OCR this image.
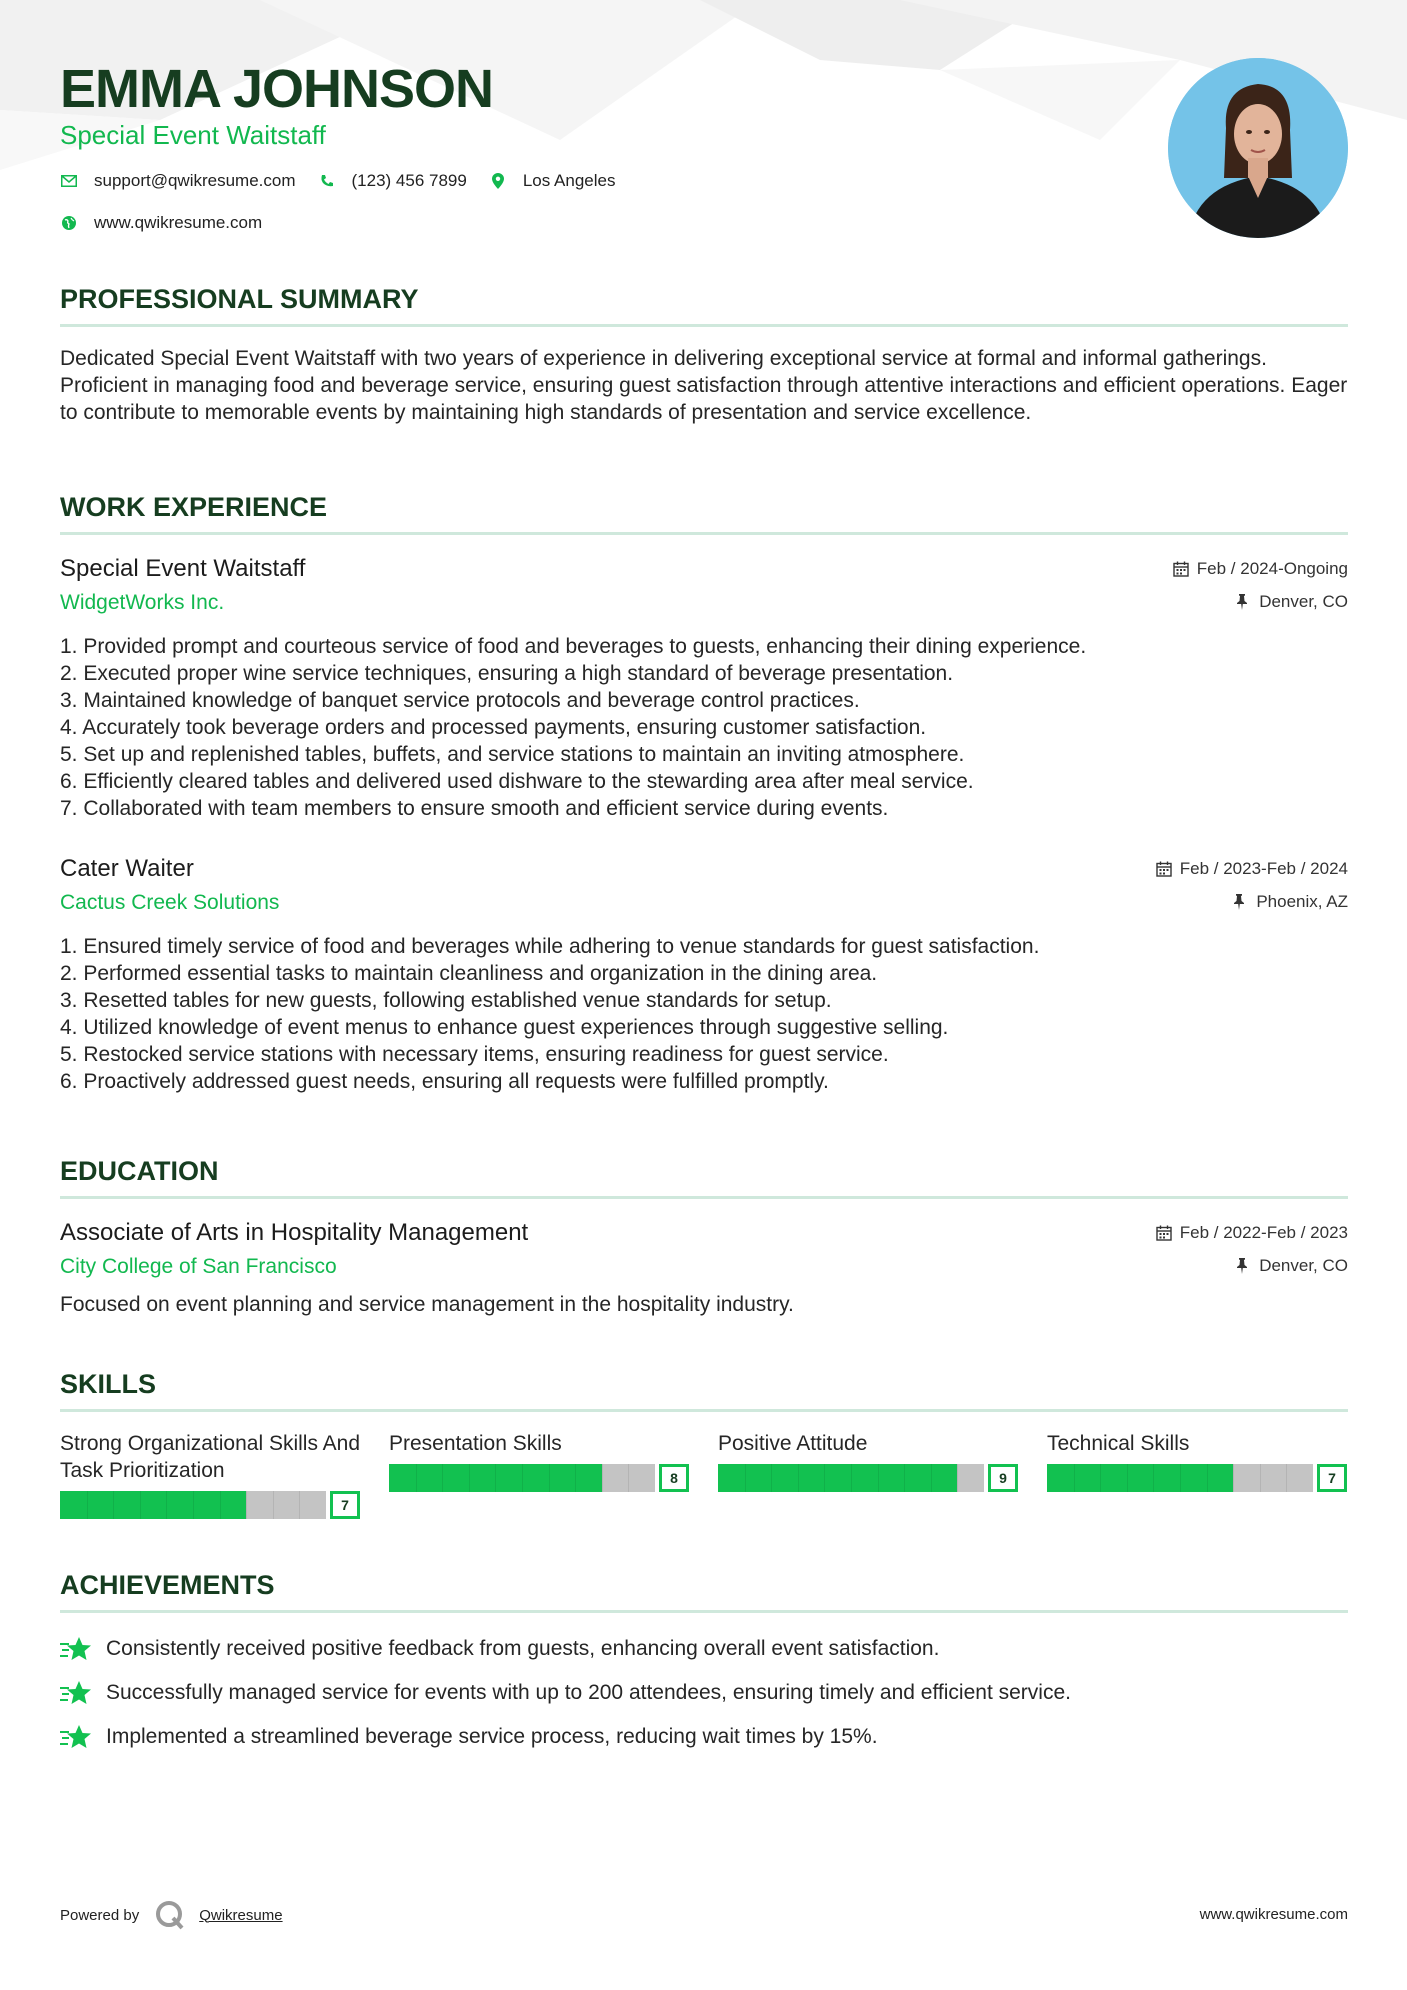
EMMA JOHNSON
Special Event Waitstaff
support@qwikresume.com	(123) 456 7899	Los Angeles
www.qwikresume.com
PROFESSIONAL SUMMARY
Dedicated Special Event Waitstaff with two years of experience in delivering exceptional service at formal and informal gatherings. Proficient in managing food and beverage service, ensuring guest satisfaction through attentive interactions and efficient operations. Eager to contribute to memorable events by maintaining high standards of presentation and service excellence.
WORK EXPERIENCE
Special Event Waitstaff
WidgetWorks Inc.
Feb / 2024-Ongoing
Denver, CO
1. Provided prompt and courteous service of food and beverages to guests, enhancing their dining experience.
2. Executed proper wine service techniques, ensuring a high standard of beverage presentation.
3. Maintained knowledge of banquet service protocols and beverage control practices.
4. Accurately took beverage orders and processed payments, ensuring customer satisfaction.
5. Set up and replenished tables, buffets, and service stations to maintain an inviting atmosphere.
6. Efficiently cleared tables and delivered used dishware to the stewarding area after meal service.
7. Collaborated with team members to ensure smooth and efficient service during events.
Cater Waiter
Cactus Creek Solutions
Feb / 2023-Feb / 2024
Phoenix, AZ
1. Ensured timely service of food and beverages while adhering to venue standards for guest satisfaction.
2. Performed essential tasks to maintain cleanliness and organization in the dining area.
3. Resetted tables for new guests, following established venue standards for setup.
4. Utilized knowledge of event menus to enhance guest experiences through suggestive selling.
5. Restocked service stations with necessary items, ensuring readiness for guest service.
6. Proactively addressed guest needs, ensuring all requests were fulfilled promptly.
EDUCATION
Associate of Arts in Hospitality Management
City College of San Francisco
Feb / 2022-Feb / 2023
Denver, CO
Focused on event planning and service management in the hospitality industry.
SKILLS
Strong Organizational Skills And Task Prioritization
7
Presentation Skills
8
Positive Attitude
9
Technical Skills
7
ACHIEVEMENTS
Consistently received positive feedback from guests, enhancing overall event satisfaction.
Successfully managed service for events with up to 200 attendees, ensuring timely and efficient service.
Implemented a streamlined beverage service process, reducing wait times by 15%.
Powered by	Qwikresume	www.qwikresume.com
